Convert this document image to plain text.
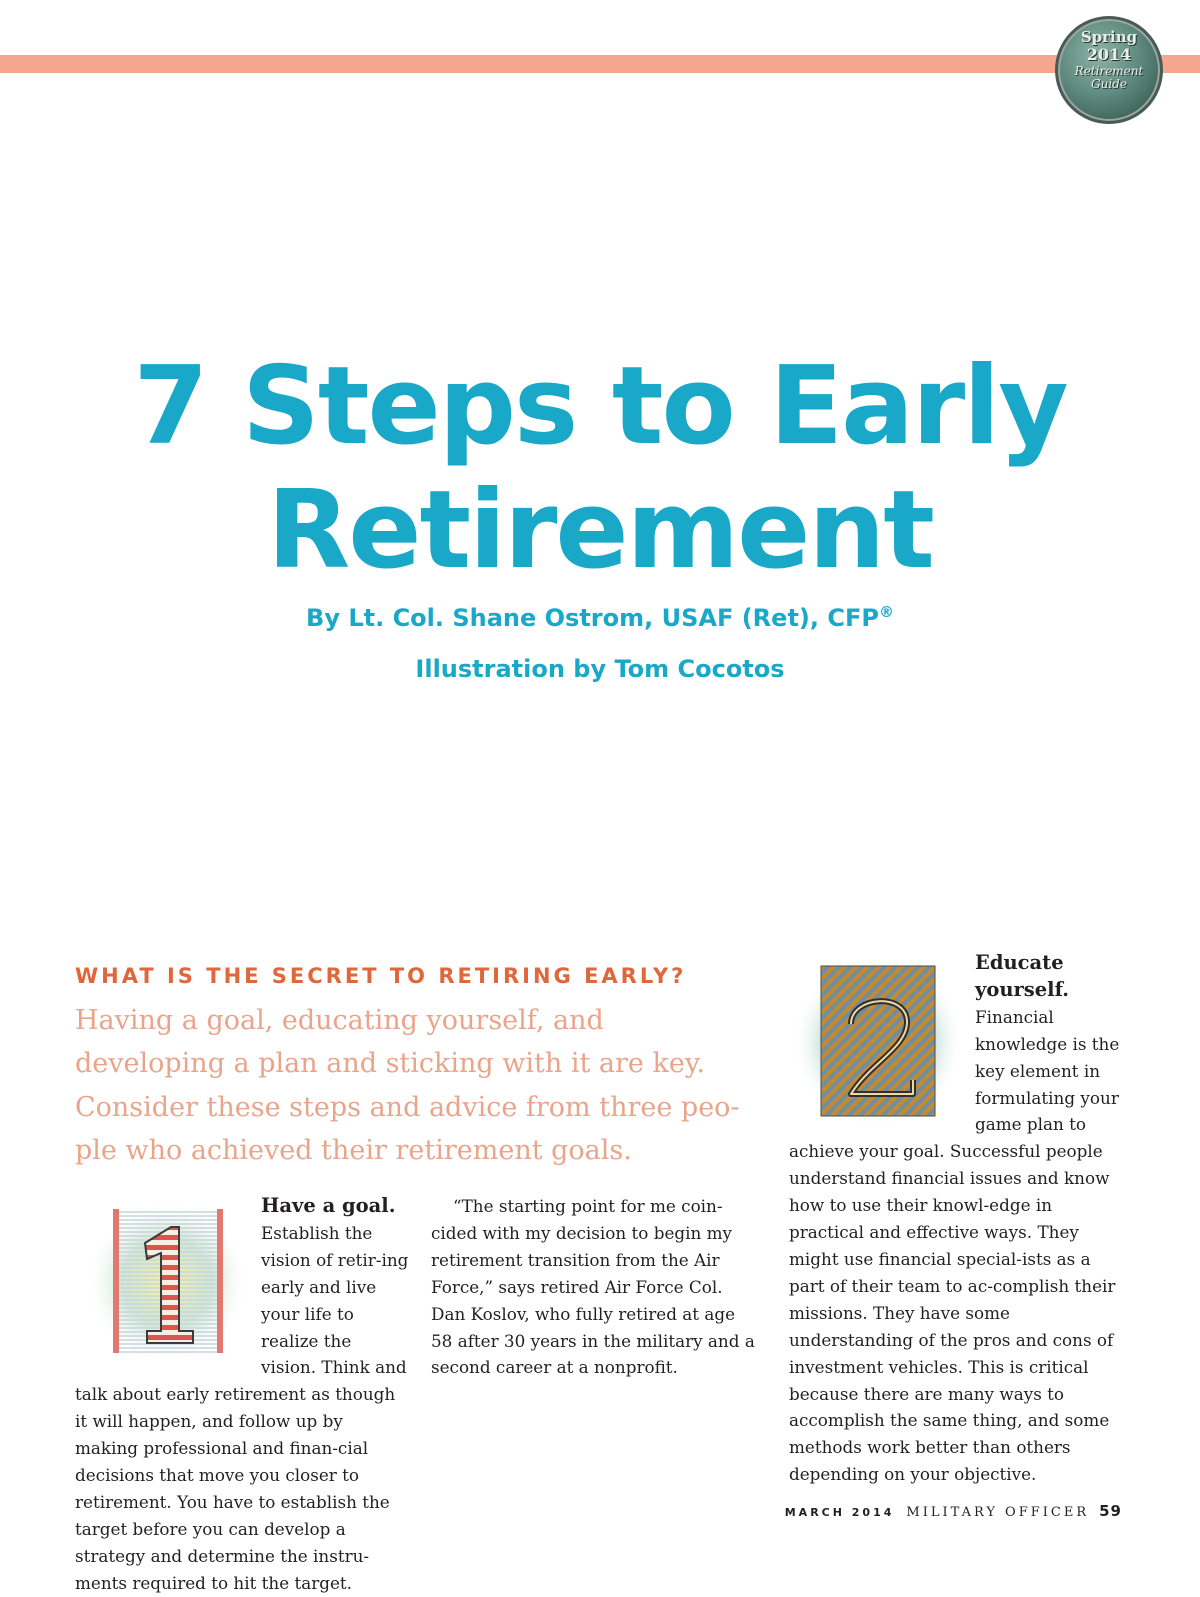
Spring
2014
Retirement
Guide
7 Steps to Early Retirement

By Lt. Col. Shane Ostrom, USAF (Ret), CFP®

Illustration by Tom Cocotos

WHAT IS THE SECRET TO RETIRING EARLY? Having a goal, educating yourself, and developing a plan and sticking with it are key. Consider these steps and advice from three peo-ple who achieved their retirement goals.

Have a goal. Establish the vision of retir-ing early and live your life to realize the vision. Think and talk about early retirement as though it will happen, and follow up by making professional and finan-cial decisions that move you closer to retirement. You have to establish the target before you can develop a strategy and determine the instru-ments required to hit the target.

“The starting point for me coin-cided with my decision to begin my retirement transition from the Air Force,” says retired Air Force Col. Dan Koslov, who fully retired at age 58 after 30 years in the military and a second career at a nonprofit.

Educate yourself. Financial knowledge is the key element in formulating your game plan to achieve your goal. Successful people understand financial issues and know how to use their knowl-edge in practical and effective ways. They might use financial special-ists as a part of their team to ac-complish their missions. They have some understanding of the pros and cons of investment vehicles. This is critical because there are many ways to accomplish the same thing, and some methods work better than others depending on your objective.

MARCH 2014 MILITARY OFFICER 59
